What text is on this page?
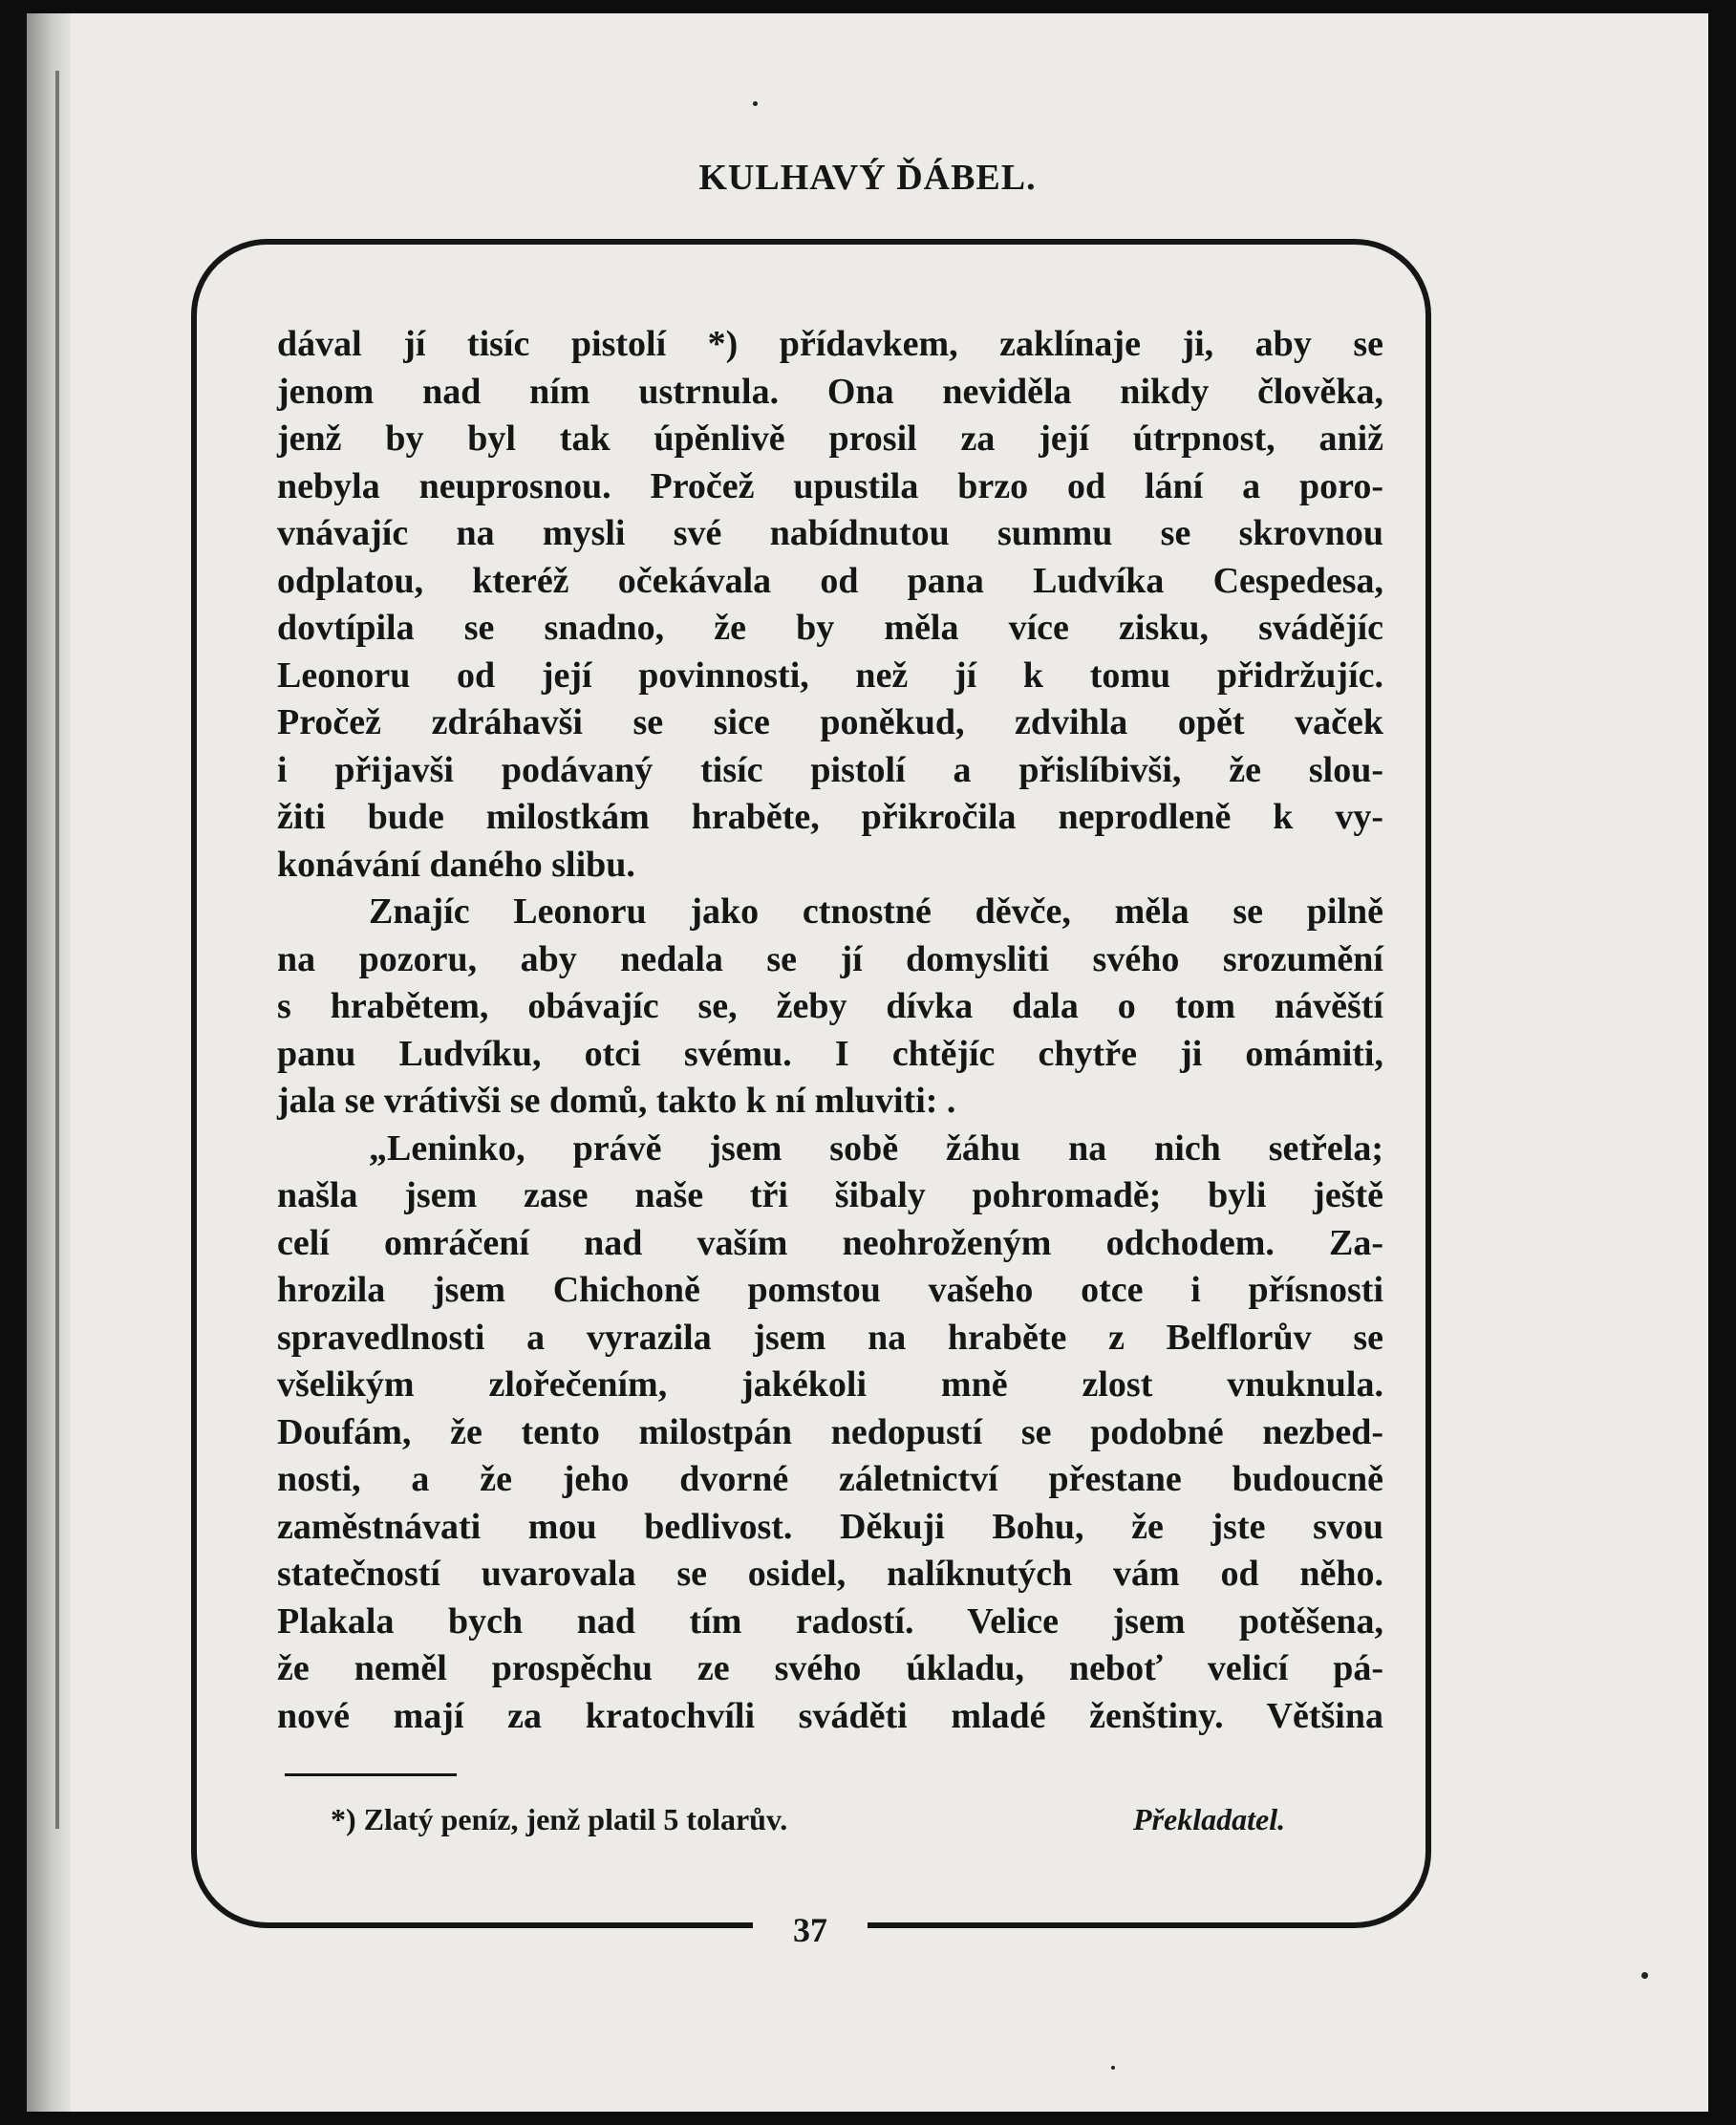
KULHAVÝ ĎÁBEL.
37
dával jí tisíc pistolí *) přídavkem, zaklínaje ji, aby se
jenom nad ním ustrnula. Ona neviděla nikdy člověka,
jenž by byl tak úpěnlivě prosil za její útrpnost, aniž
nebyla neuprosnou. Pročež upustila brzo od lání a poro-
vnávajíc na mysli své nabídnutou summu se skrovnou
odplatou, kteréž očekávala od pana Ludvíka Cespedesa,
dovtípila se snadno, že by měla více zisku, svádějíc
Leonoru od její povinnosti, než jí k tomu přidržujíc.
Pročež zdráhavši se sice poněkud, zdvihla opět vaček
i přijavši podávaný tisíc pistolí a přislíbivši, že slou-
žiti bude milostkám hraběte, přikročila neprodleně k vy-
konávání daného slibu.
Znajíc Leonoru jako ctnostné děvče, měla se pilně
na pozoru, aby nedala se jí domysliti svého srozumění
s hrabětem, obávajíc se, žeby dívka dala o tom návěští
panu Ludvíku, otci svému. I chtějíc chytře ji omámiti,
jala se vrátivši se domů, takto k ní mluviti: .
„Leninko, právě jsem sobě žáhu na nich setřela;
našla jsem zase naše tři šibaly pohromadě; byli ještě
celí omráčení nad vaším neohroženým odchodem. Za-
hrozila jsem Chichoně pomstou vašeho otce i přísnosti
spravedlnosti a vyrazila jsem na hraběte z Belflorův se
všelikým zlořečením, jakékoli mně zlost vnuknula.
Doufám, že tento milostpán nedopustí se podobné nezbed-
nosti, a že jeho dvorné záletnictví přestane budoucně
zaměstnávati mou bedlivost. Děkuji Bohu, že jste svou
statečností uvarovala se osidel, nalíknutých vám od něho.
Plakala bych nad tím radostí. Velice jsem potěšena,
že neměl prospěchu ze svého úkladu, neboť velicí pá-
nové mají za kratochvíli sváděti mladé ženštiny. Většina
*) Zlatý peníz, jenž platil 5 tolarův.	Překladatel.
